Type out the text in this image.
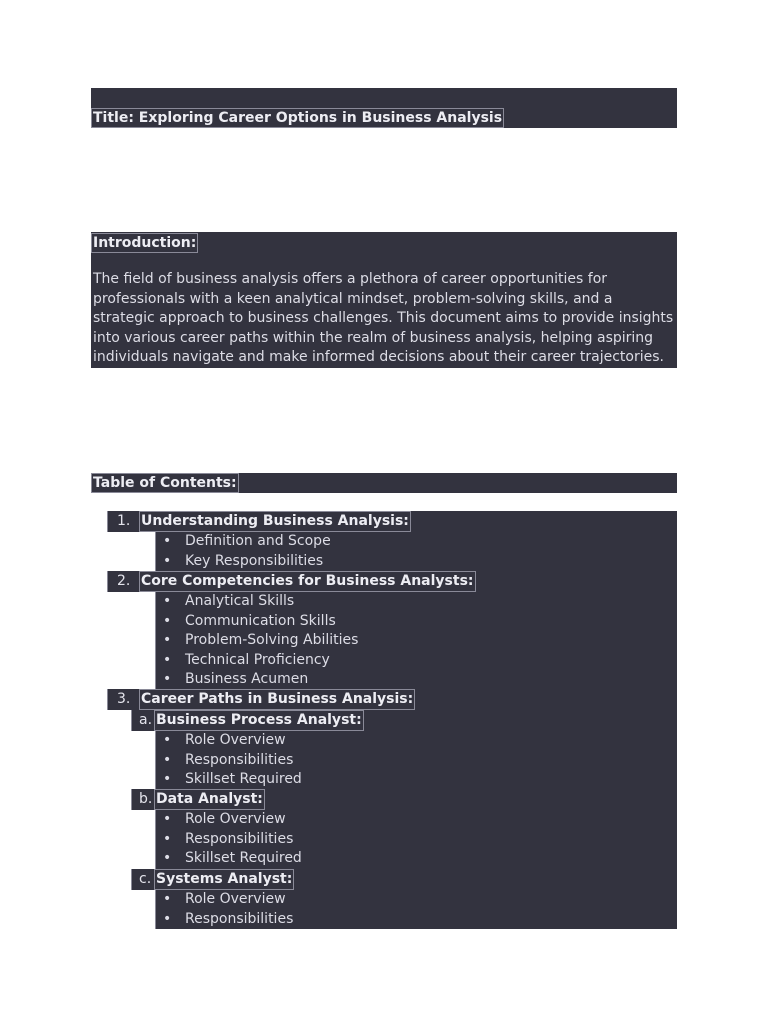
Title: Exploring Career Options in Business Analysis
Introduction:

The field of business analysis offers a plethora of career opportunities for professionals with a keen analytical mindset, problem-solving skills, and a strategic approach to business challenges. This document aims to provide insights into various career paths within the realm of business analysis, helping aspiring individuals navigate and make informed decisions about their career trajectories.

Table of Contents:
1. Understanding Business Analysis:
• Definition and Scope
• Key Responsibilities
2. Core Competencies for Business Analysts:
• Analytical Skills
• Communication Skills
• Problem-Solving Abilities
• Technical Proficiency
• Business Acumen
3. Career Paths in Business Analysis:
a. Business Process Analyst:
• Role Overview
• Responsibilities
• Skillset Required
b. Data Analyst:
• Role Overview
• Responsibilities
• Skillset Required
c. Systems Analyst:
• Role Overview
• Responsibilities
